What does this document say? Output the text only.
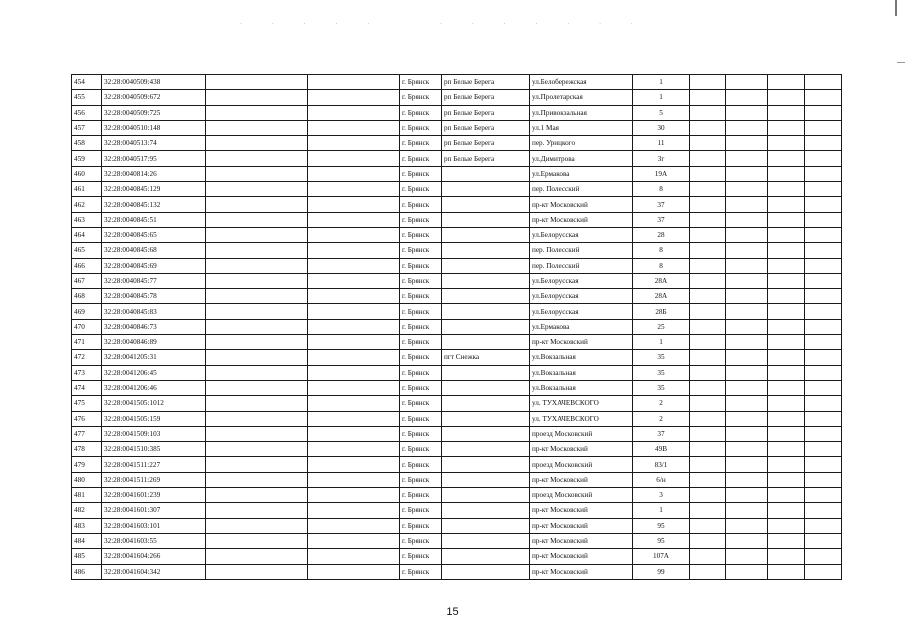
· · · · ·	· · · · · · ·
454	32:28:0040509:438			г. Брянск	рп Белые Берега	ул.Белобережская	1				
455	32:28:0040509:672			г. Брянск	рп Белые Берега	ул.Пролетарская	1				
456	32:28:0040509:725			г. Брянск	рп Белые Берега	ул.Привокзальная	5				
457	32:28:0040510:148			г. Брянск	рп Белые Берега	ул.1 Мая	30				
458	32:28:0040513:74			г. Брянск	рп Белые Берега	пер. Урицкого	11				
459	32:28:0040517:95			г. Брянск	рп Белые Берега	ул.Димитрова	3г				
460	32:28:0040814:26			г. Брянск		ул.Ермакова	19А				
461	32:28:0040845:129			г. Брянск		пер. Полесский	8				
462	32:28:0040845:132			г. Брянск		пр-кт Московский	37				
463	32:28:0040845:51			г. Брянск		пр-кт Московский	37				
464	32:28:0040845:65			г. Брянск		ул.Белорусская	28				
465	32:28:0040845:68			г. Брянск		пер. Полесский	8				
466	32:28:0040845:69			г. Брянск		пер. Полесский	8				
467	32:28:0040845:77			г. Брянск		ул.Белорусская	28А				
468	32:28:0040845:78			г. Брянск		ул.Белорусская	28А				
469	32:28:0040845:83			г. Брянск		ул.Белорусская	28Б				
470	32:28:0040846:73			г. Брянск		ул.Ермакова	25				
471	32:28:0040846:89			г. Брянск		пр-кт Московский	1				
472	32:28:0041205:31			г. Брянск	пгт Снежка	ул.Вокзальная	35				
473	32:28:0041206:45			г. Брянск		ул.Вокзальная	35				
474	32:28:0041206:46			г. Брянск		ул.Вокзальная	35				
475	32:28:0041505:1012			г. Брянск		ул. ТУХАЧЕВСКОГО	2				
476	32:28:0041505:159			г. Брянск		ул. ТУХАЧЕВСКОГО	2				
477	32:28:0041509:103			г. Брянск		проезд Московский	37				
478	32:28:0041510:385			г. Брянск		пр-кт Московский	49В				
479	32:28:0041511:227			г. Брянск		проезд Московский	83/1				
480	32:28:0041511:269			г. Брянск		пр-кт Московский	6/н				
481	32:28:0041601:239			г. Брянск		проезд Московский	3				
482	32:28:0041601:307			г. Брянск		пр-кт Московский	1				
483	32:28:0041603:101			г. Брянск		пр-кт Московский	95				
484	32:28:0041603:55			г. Брянск		пр-кт Московский	95				
485	32:28:0041604:266			г. Брянск		пр-кт Московский	107А				
486	32:28:0041604:342			г. Брянск		пр-кт Московский	99				
15
